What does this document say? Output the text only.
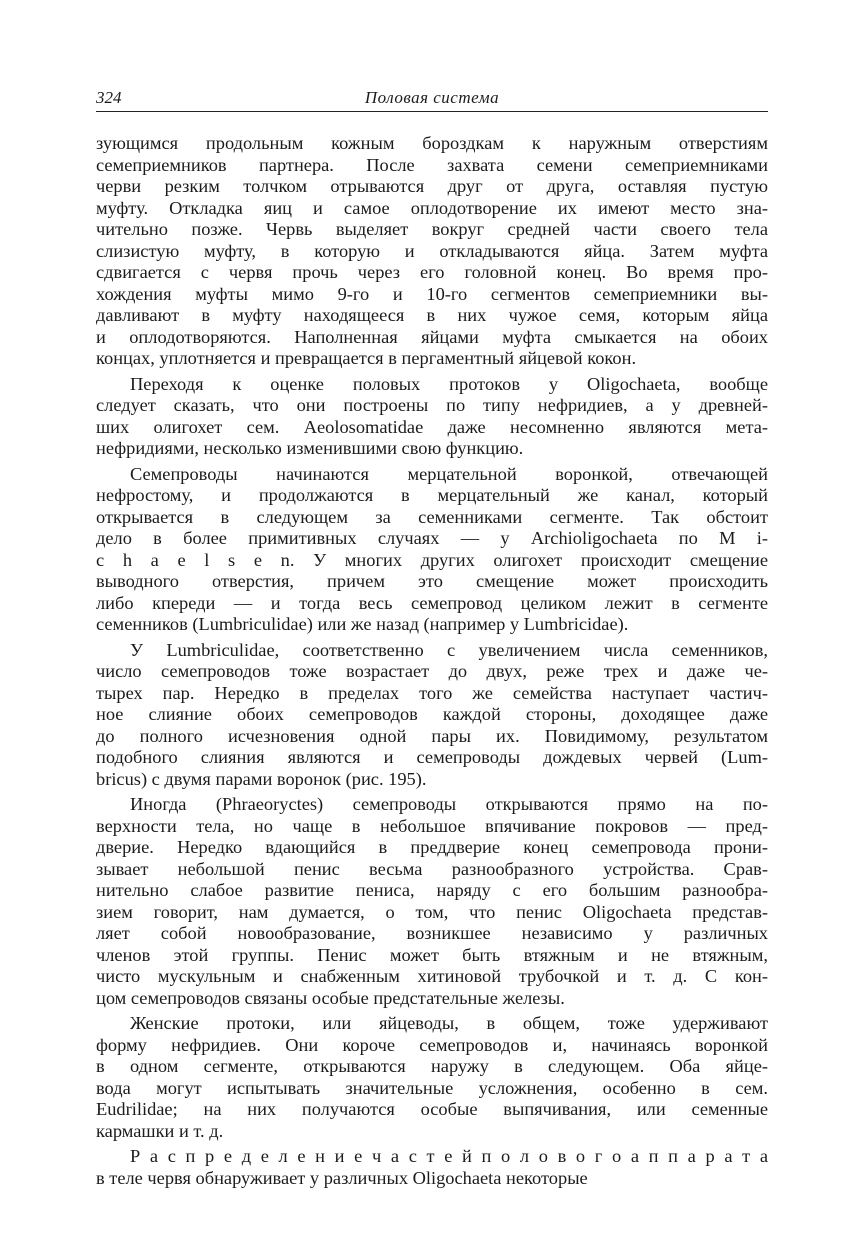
324	Половая система
зующимся продольным кожным бороздкам к наружным отверстиям
семеприемников партнера. После захвата семени семеприемниками
черви резким толчком отрываются друг от друга, оставляя пустую
муфту. Откладка яиц и самое оплодотворение их имеют место зна-
чительно позже. Червь выделяет вокруг средней части своего тела
слизистую муфту, в которую и откладываются яйца. Затем муфта
сдвигается с червя прочь через его головной конец. Во время про-
хождения муфты мимо 9-го и 10-го сегментов семеприемники вы-
давливают в муфту находящееся в них чужое семя, которым яйца
и оплодотворяются. Наполненная яйцами муфта смыкается на обоих
концах, уплотняется и превращается в пергаментный яйцевой кокон.
Переходя к оценке половых протоков у Oligochaeta, вообще
следует сказать, что они построены по типу нефридиев, а у древней-
ших олигохет сем. Aeolosomatidae даже несомненно являются мета-
нефридиями, несколько изменившими свою функцию.
Семепроводы начинаются мерцательной воронкой, отвечающей
нефростому, и продолжаются в мерцательный же канал, который
открывается в следующем за семенниками сегменте. Так обстоит
дело в более примитивных случаях — у Archioligochaeta по М i-
c h a e l s e n. У многих других олигохет происходит смещение
выводного отверстия, причем это смещение может происходить
либо кпереди — и тогда весь семепровод целиком лежит в сегменте
семенников (Lumbriculidae) или же назад (например у Lumbricidae).
У Lumbriculidae, соответственно с увеличением числа семенников,
число семепроводов тоже возрастает до двух, реже трех и даже че-
тырех пар. Нередко в пределах того же семейства наступает частич-
ное слияние обоих семепроводов каждой стороны, доходящее даже
до полного исчезновения одной пары их. Повидимому, результатом
подобного слияния являются и семепроводы дождевых червей (Lum-
bricus) с двумя парами воронок (рис. 195).
Иногда (Phraeoryctes) семепроводы открываются прямо на по-
верхности тела, но чаще в небольшое впячивание покровов — пред-
дверие. Нередко вдающийся в преддверие конец семепровода прони-
зывает небольшой пенис весьма разнообразного устройства. Срав-
нительно слабое развитие пениса, наряду с его большим разнообра-
зием говорит, нам думается, о том, что пенис Oligochaeta представ-
ляет собой новообразование, возникшее независимо у различных
членов этой группы. Пенис может быть втяжным и не втяжным,
чисто мускульным и снабженным хитиновой трубочкой и т. д. С кон-
цом семепроводов связаны особые предстательные железы.
Женские протоки, или яйцеводы, в общем, тоже удерживают
форму нефридиев. Они короче семепроводов и, начинаясь воронкой
в одном сегменте, открываются наружу в следующем. Оба яйце-
вода могут испытывать значительные усложнения, особенно в сем.
Eudrilidae; на них получаются особые выпячивания, или семенные
кармашки и т. д.
Р а с п р е д е л е н и е ч а с т е й п о л о в о г о а п п а р а т а
в теле червя обнаруживает у различных Oligochaeta некоторые
